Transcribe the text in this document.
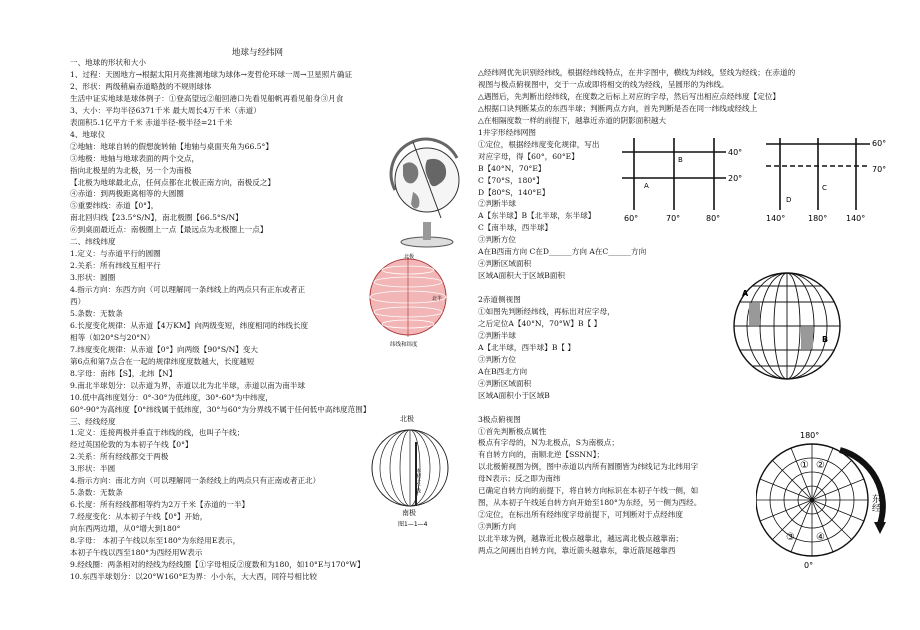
地球与经纬网
一、地球的形状和大小
1、过程：天圆地方→根据太阳月亮推测地球为球体→麦哲伦环球一周→卫星照片确证
2、形状：两级稍扁赤道略鼓的不规则球体
生活中证实地球是球体例子：①登高望远②船回港口先看见船帆再看见船身③月食
3、大小：平均半径6371千米 最大周长4万千米（赤道）
表面积5.1亿平方千米 赤道半径-极半径=21千米
4、地球仪
②地轴：地球自转的假想旋转轴【地轴与桌面夹角为66.5°】
③地极：地轴与地球表面的两个交点，
指向北极星的为北极，另一个为南极
【北极为地球最北点，任何点都在北极正南方向，南极反之】
④赤道：到两极距离相等的大圆圈
⑤重要纬线：赤道【0°】，
南北回归线【23.5°S/N】，南北极圈【66.5°S/N】
⑥到桌面最近点：南极圈上一点【最远点为北极圈上一点】
二、纬线纬度
1.定义：与赤道平行的圆圈
2.关系：所有纬线互相平行
3.形状：圆圈
4.指示方向：东西方向（可以理解同一条纬线上的两点只有正东或者正
西）
5.条数：无数条
6.长度变化规律：从赤道【4万KM】向两级变短，纬度相同的纬线长度
相等（如20°S与20°N）
7.纬度变化规律：从赤道【0°】向两级【90°S/N】变大
第6点和第7点合在一起的规律纬度度数越大，长度越短
8.字母：南纬【S】，北纬【N】
9.南北半球划分：以赤道为界，赤道以北为北半球，赤道以南为南半球
10.低中高纬度划分：0°-30°为低纬度，30°-60°为中纬度，
60°-90°为高纬度【0°纬线属于低纬度，30°与60°为分界线不属于任何低中高纬度范围】
三、经线经度
1.定义：连接两极并垂直于纬线的线，也叫子午线；
经过英国伦敦的为本初子午线【0°】
2.关系：所有经线都交于两极
3.形状：半圆
4.指示方向：南北方向（可以理解同一条经线上的两点只有正南或者正北）
5.条数：无数条
6.长度：所有经线都相等约为2万千米【赤道的一半】
7.经度变化：从本初子午线【0°】开始，
向东西两边增，从0°增大到180°
8.字母： 本初子午线以东至180°为东经用E表示，
本初子午线以西至180°为西经用W表示
9.经线圈：两条相对的经线为经线圈【①字母相反②度数和为180，如10°E与170°W】
10.东西半球划分：以20°W160°E为界：小小东，大大西，同符号相比较
△经纬网优先识别经纬线，根据经纬线特点，在井字图中，横线为纬线，竖线为经线；在赤道的
视图与极点俯视图中，交于一点或即将相交的线为经线，呈圆形的为纬线。
△遇图后，先判断出经纬线，在度数之后标上对应的字母，然后写出相应点经纬度【定位】
△根据口诀判断某点的东西半球；判断两点方向，首先判断是否在同一纬线或经线上
△在相隔度数一样的前提下，越靠近赤道的阴影面积越大
1井字形经纬网图
①定位，根据经纬度变化规律，写出
对应字母，得【60°，60°E】
B【40°N，70°E】
C【70°S，180°】
D【80°S，140°E】
②判断半球
A【东半球】B【北半球，东半球】
C【南半球，西半球】
③判断方位
A在B西南方向 C在D______方向 A在C______方向
④判断区域面积
区域A面积大于区域B面积
2赤道侧视图
①如图先判断经纬线，再标出对应字母，
之后定位A【40°N，70°W】B【 】
②判断半球
A【北半球，西半球】B【 】
③判断方位
A在B西北方向
④判断区域面积
区域A面积小于区域B
3极点俯视图
①首先判断极点属性
极点有字母的，N为北极点，S为南极点；
有自转方向的，南顺北逆【SSNN】；
以北极俯视图为例，图中赤道以内所有圆圈皆为纬线记为北纬用字
母N表示；反之即为南纬
已确定自转方向的前提下，将自转方向标识在本初子午线一侧，如
图，从本初子午线延自转方向开始至180°为东经，另一侧为西经。
②定位，在标出所有经纬度字母前提下，可判断对于点经纬度
③判断方向
以北半球为例，越靠近北极点越靠北，越远离北极点越靠南；
两点之间画出自转方向，靠近箭头越靠东，靠近箭尾越靠西
北极
北半
纬线和纬度
北极
本初子午线
南极
图1—1—4
40°
20°
60°	70°	80°
A
B
60°
70°
140°	180° 140°
C
D
A
B
180°
① ②
③ ④
0°
东经
